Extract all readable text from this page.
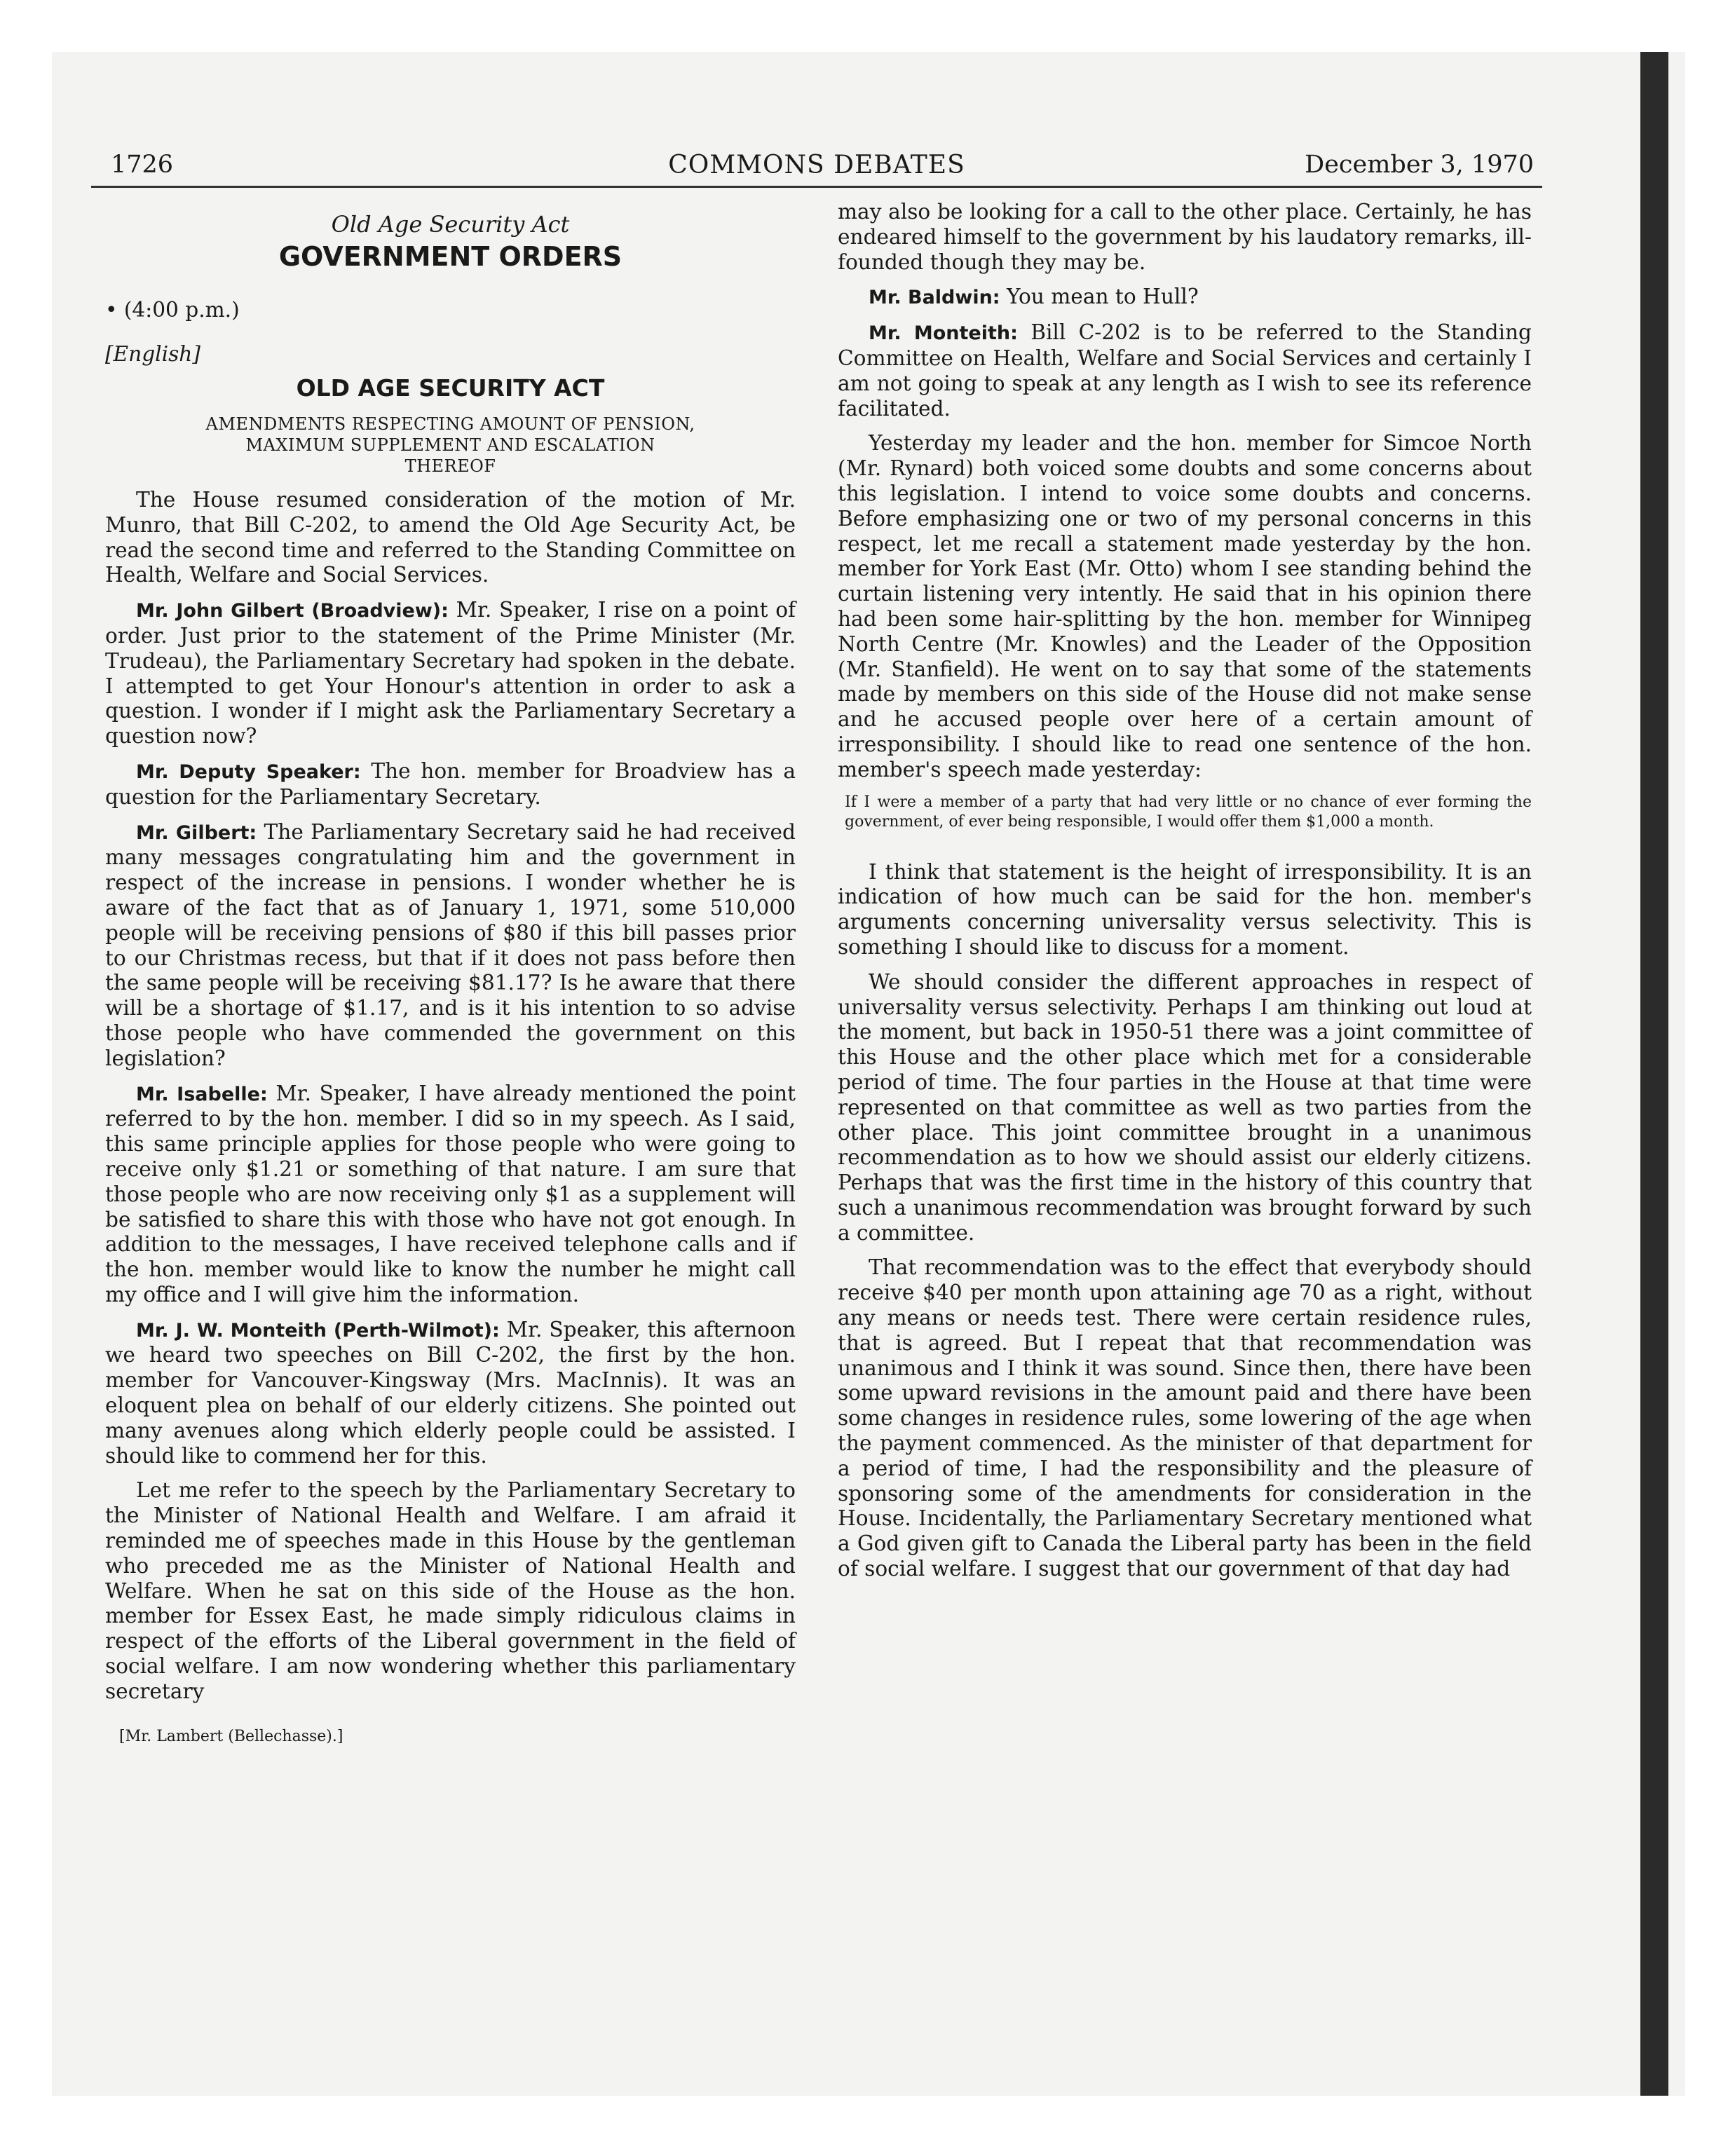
1726	COMMONS DEBATES	December 3, 1970
Old Age Security Act
GOVERNMENT ORDERS
• (4:00 p.m.)
[English]
OLD AGE SECURITY ACT
AMENDMENTS RESPECTING AMOUNT OF PENSION,
MAXIMUM SUPPLEMENT AND ESCALATION
THEREOF

The House resumed consideration of the motion of Mr. Munro, that Bill C-202, to amend the Old Age Security Act, be read the second time and referred to the Standing Committee on Health, Welfare and Social Services.

Mr. John Gilbert (Broadview): Mr. Speaker, I rise on a point of order. Just prior to the statement of the Prime Minister (Mr. Trudeau), the Parliamentary Secretary had spoken in the debate. I attempted to get Your Honour's attention in order to ask a question. I wonder if I might ask the Parliamentary Secretary a question now?

Mr. Deputy Speaker: The hon. member for Broadview has a question for the Parliamentary Secretary.

Mr. Gilbert: The Parliamentary Secretary said he had received many messages congratulating him and the government in respect of the increase in pensions. I wonder whether he is aware of the fact that as of January 1, 1971, some 510,000 people will be receiving pensions of $80 if this bill passes prior to our Christmas recess, but that if it does not pass before then the same people will be receiving $81.17? Is he aware that there will be a shortage of $1.17, and is it his intention to so advise those people who have commended the government on this legislation?

Mr. Isabelle: Mr. Speaker, I have already mentioned the point referred to by the hon. member. I did so in my speech. As I said, this same principle applies for those people who were going to receive only $1.21 or something of that nature. I am sure that those people who are now receiving only $1 as a supplement will be satisfied to share this with those who have not got enough. In addition to the messages, I have received telephone calls and if the hon. member would like to know the number he might call my office and I will give him the information.

Mr. J. W. Monteith (Perth-Wilmot): Mr. Speaker, this afternoon we heard two speeches on Bill C-202, the first by the hon. member for Vancouver-Kingsway (Mrs. MacInnis). It was an eloquent plea on behalf of our elderly citizens. She pointed out many avenues along which elderly people could be assisted. I should like to commend her for this.

Let me refer to the speech by the Parliamentary Secretary to the Minister of National Health and Welfare. I am afraid it reminded me of speeches made in this House by the gentleman who preceded me as the Minister of National Health and Welfare. When he sat on this side of the House as the hon. member for Essex East, he made simply ridiculous claims in respect of the efforts of the Liberal government in the field of social welfare. I am now wondering whether this parliamentary secretary

[Mr. Lambert (Bellechasse).]

may also be looking for a call to the other place. Certainly, he has endeared himself to the government by his laudatory remarks, ill-founded though they may be.

Mr. Baldwin: You mean to Hull?

Mr. Monteith: Bill C-202 is to be referred to the Standing Committee on Health, Welfare and Social Services and certainly I am not going to speak at any length as I wish to see its reference facilitated.

Yesterday my leader and the hon. member for Simcoe North (Mr. Rynard) both voiced some doubts and some concerns about this legislation. I intend to voice some doubts and concerns. Before emphasizing one or two of my personal concerns in this respect, let me recall a statement made yesterday by the hon. member for York East (Mr. Otto) whom I see standing behind the curtain listening very intently. He said that in his opinion there had been some hair-splitting by the hon. member for Winnipeg North Centre (Mr. Knowles) and the Leader of the Opposition (Mr. Stanfield). He went on to say that some of the statements made by members on this side of the House did not make sense and he accused people over here of a certain amount of irresponsibility. I should like to read one sentence of the hon. member's speech made yesterday:

If I were a member of a party that had very little or no chance of ever forming the government, of ever being responsible, I would offer them $1,000 a month.

I think that statement is the height of irresponsibility. It is an indication of how much can be said for the hon. member's arguments concerning universality versus selectivity. This is something I should like to discuss for a moment.

We should consider the different approaches in respect of universality versus selectivity. Perhaps I am thinking out loud at the moment, but back in 1950-51 there was a joint committee of this House and the other place which met for a considerable period of time. The four parties in the House at that time were represented on that committee as well as two parties from the other place. This joint committee brought in a unanimous recommendation as to how we should assist our elderly citizens. Perhaps that was the first time in the history of this country that such a unanimous recommendation was brought forward by such a committee.

That recommendation was to the effect that everybody should receive $40 per month upon attaining age 70 as a right, without any means or needs test. There were certain residence rules, that is agreed. But I repeat that that recommendation was unanimous and I think it was sound. Since then, there have been some upward revisions in the amount paid and there have been some changes in residence rules, some lowering of the age when the payment commenced. As the minister of that department for a period of time, I had the responsibility and the pleasure of sponsoring some of the amendments for consideration in the House. Incidentally, the Parliamentary Secretary mentioned what a God given gift to Canada the Liberal party has been in the field of social welfare. I suggest that our government of that day had
